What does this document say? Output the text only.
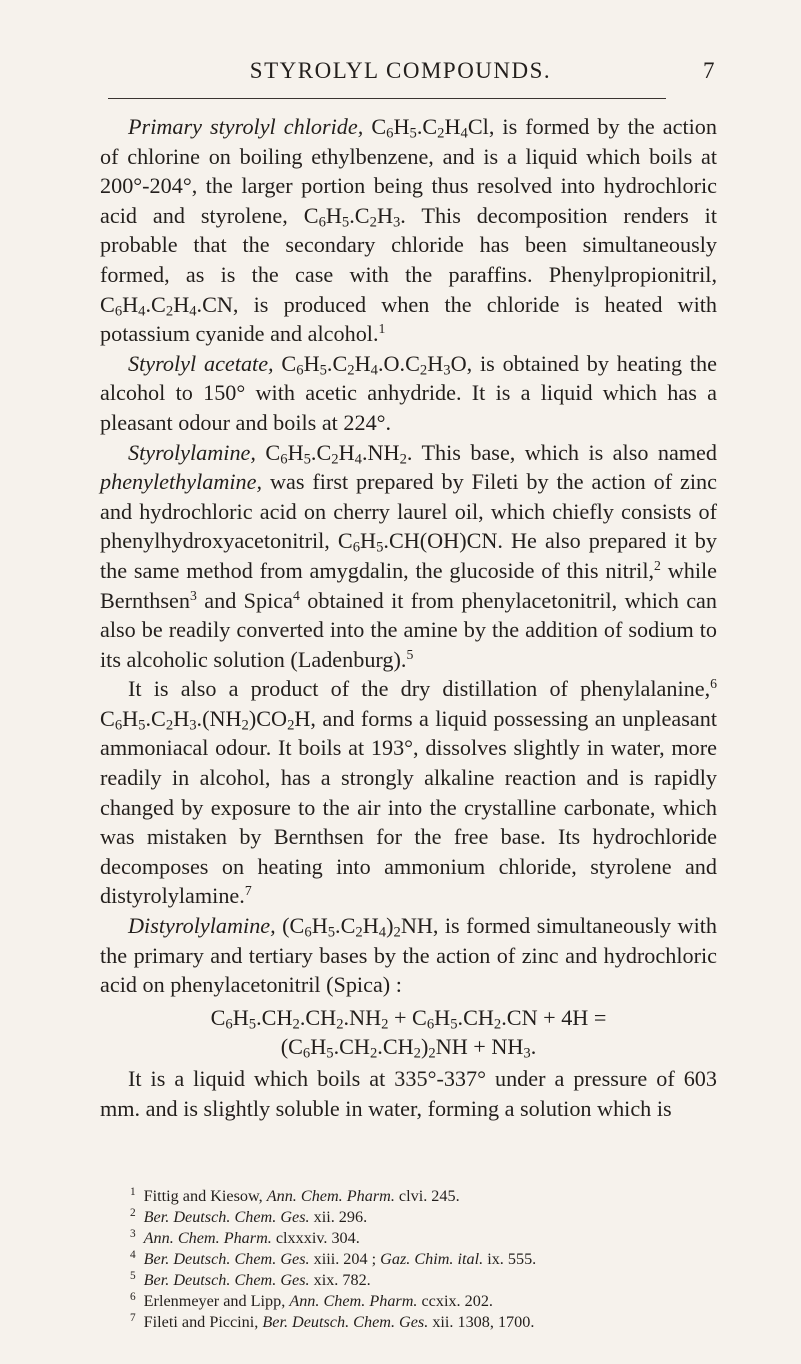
STYROLYL COMPOUNDS.	7

Primary styrolyl chloride, $C_6H_5.C_2H_4Cl$, is formed by the action of chlorine on boiling ethylbenzene, and is a liquid which boils at 200°-204°, the larger portion being thus resolved into hydrochloric acid and styrolene, $C_6H_5.C_2H_3$. This decomposition renders it probable that the secondary chloride has been simultaneously formed, as is the case with the paraffins. Phenylpropionitril, $C_6H_4.C_2H_4.CN$, is produced when the chloride is heated with potassium cyanide and alcohol.$^1$

Styrolyl acetate, $C_6H_5.C_2H_4.O.C_2H_3O$, is obtained by heating the alcohol to 150° with acetic anhydride. It is a liquid which has a pleasant odour and boils at 224°.

Styrolylamine, $C_6H_5.C_2H_4.NH_2$. This base, which is also named phenylethylamine, was first prepared by Fileti by the action of zinc and hydrochloric acid on cherry laurel oil, which chiefly consists of phenylhydroxyacetonitril, $C_6H_5.CH(OH)CN$. He also prepared it by the same method from amygdalin, the glucoside of this nitril,$^2$ while Bernthsen$^3$ and Spica$^4$ obtained it from phenylacetonitril, which can also be readily converted into the amine by the addition of sodium to its alcoholic solution (Ladenburg).$^5$

It is also a product of the dry distillation of phenylalanine,$^6$ $C_6H_5.C_2H_3.(NH_2)CO_2H$, and forms a liquid possessing an unpleasant ammoniacal odour. It boils at 193°, dissolves slightly in water, more readily in alcohol, has a strongly alkaline reaction and is rapidly changed by exposure to the air into the crystalline carbonate, which was mistaken by Bernthsen for the free base. Its hydrochloride decomposes on heating into ammonium chloride, styrolene and distyrolylamine.$^7$

Distyrolylamine, $(C_6H_5.C_2H_4)_2NH$, is formed simultaneously with the primary and tertiary bases by the action of zinc and hydrochloric acid on phenylacetonitril (Spica) :

$C_6H_5.CH_2.CH_2.NH_2 + C_6H_5.CH_2.CN + 4H$ =
$(C_6H_5.CH_2.CH_2)_2NH + NH_3$.

It is a liquid which boils at 335°-337° under a pressure of 603 mm. and is slightly soluble in water, forming a solution which is

$^1$ Fittig and Kiesow, Ann. Chem. Pharm. clvi. 245.
$^2$ Ber. Deutsch. Chem. Ges. xii. 296.
$^3$ Ann. Chem. Pharm. clxxxiv. 304.
$^4$ Ber. Deutsch. Chem. Ges. xiii. 204 ; Gaz. Chim. ital. ix. 555.
$^5$ Ber. Deutsch. Chem. Ges. xix. 782.
$^6$ Erlenmeyer and Lipp, Ann. Chem. Pharm. ccxix. 202.
$^7$ Fileti and Piccini, Ber. Deutsch. Chem. Ges. xii. 1308, 1700.
